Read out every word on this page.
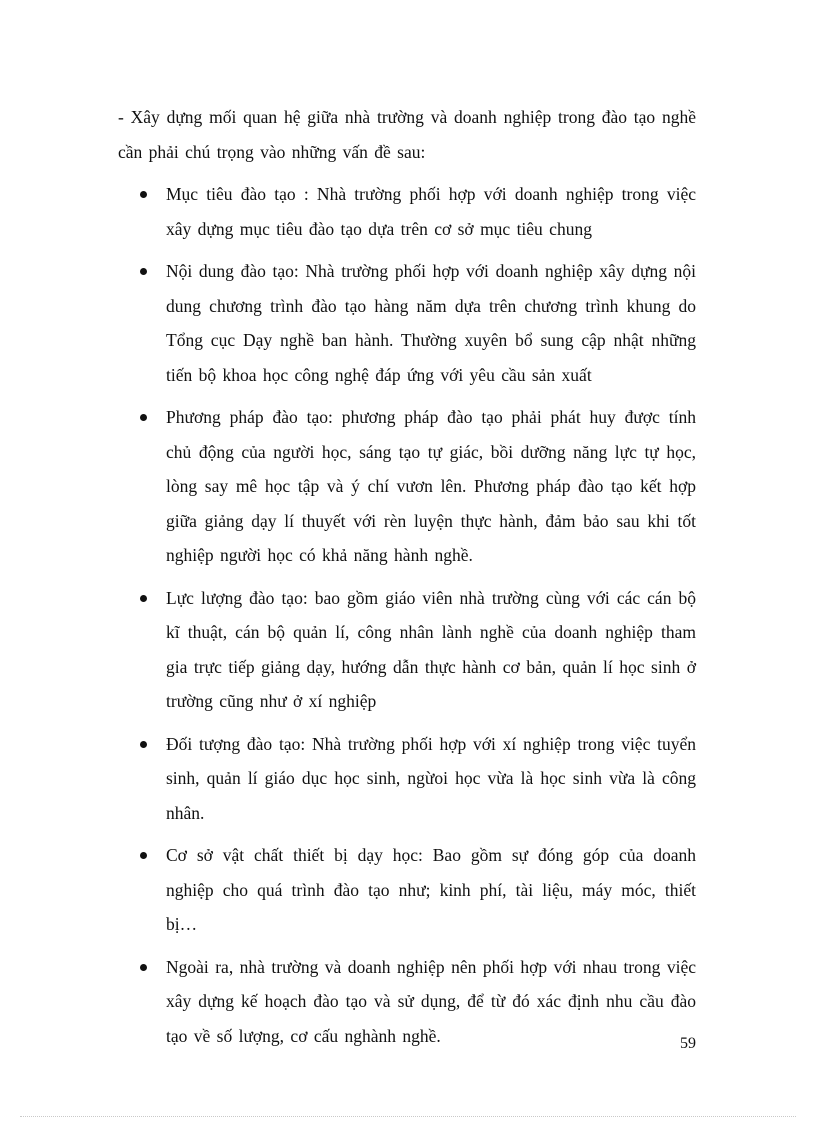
- Xây dựng mối quan hệ giữa nhà trường và doanh nghiệp trong đào tạo nghề cần phải chú trọng vào những vấn đề sau:

Mục tiêu đào tạo : Nhà trường phối hợp với doanh nghiệp trong việc xây dựng mục tiêu đào tạo dựa trên cơ sở mục tiêu chung
Nội dung đào tạo: Nhà trường phối hợp với doanh nghiệp xây dựng nội dung chương trình đào tạo hàng năm dựa trên chương trình khung do Tổng cục Dạy nghề ban hành. Thường xuyên bổ sung cập nhật những tiến bộ khoa học công nghệ đáp ứng với yêu cầu sản xuất
Phương pháp đào tạo: phương pháp đào tạo phải phát huy được tính chủ động của người học, sáng tạo tự giác, bồi dưỡng năng lực tự học, lòng say mê học tập và ý chí vươn lên. Phương pháp đào tạo kết hợp giữa giảng dạy lí thuyết với rèn luyện thực hành, đảm bảo sau khi tốt nghiệp người học có khả năng hành nghề.
Lực lượng đào tạo: bao gồm giáo viên nhà trường cùng với các cán bộ kĩ thuật, cán bộ quản lí, công nhân lành nghề của doanh nghiệp tham gia trực tiếp giảng dạy, hướng dẫn thực hành cơ bản, quản lí học sinh ở trường cũng như ở xí nghiệp
Đối tượng đào tạo: Nhà trường phối hợp với xí nghiệp trong việc tuyển sinh, quản lí giáo dục học sinh, ngừoi học vừa là học sinh vừa là công nhân.
Cơ sở vật chất thiết bị dạy học: Bao gồm sự đóng góp của doanh nghiệp cho quá trình đào tạo như; kinh phí, tài liệu, máy móc, thiết bị…
Ngoài ra, nhà trường và doanh nghiệp nên phối hợp với nhau trong việc xây dựng kế hoạch đào tạo và sử dụng, để từ đó xác định nhu cầu đào tạo về số lượng, cơ cấu nghành nghề.	59
